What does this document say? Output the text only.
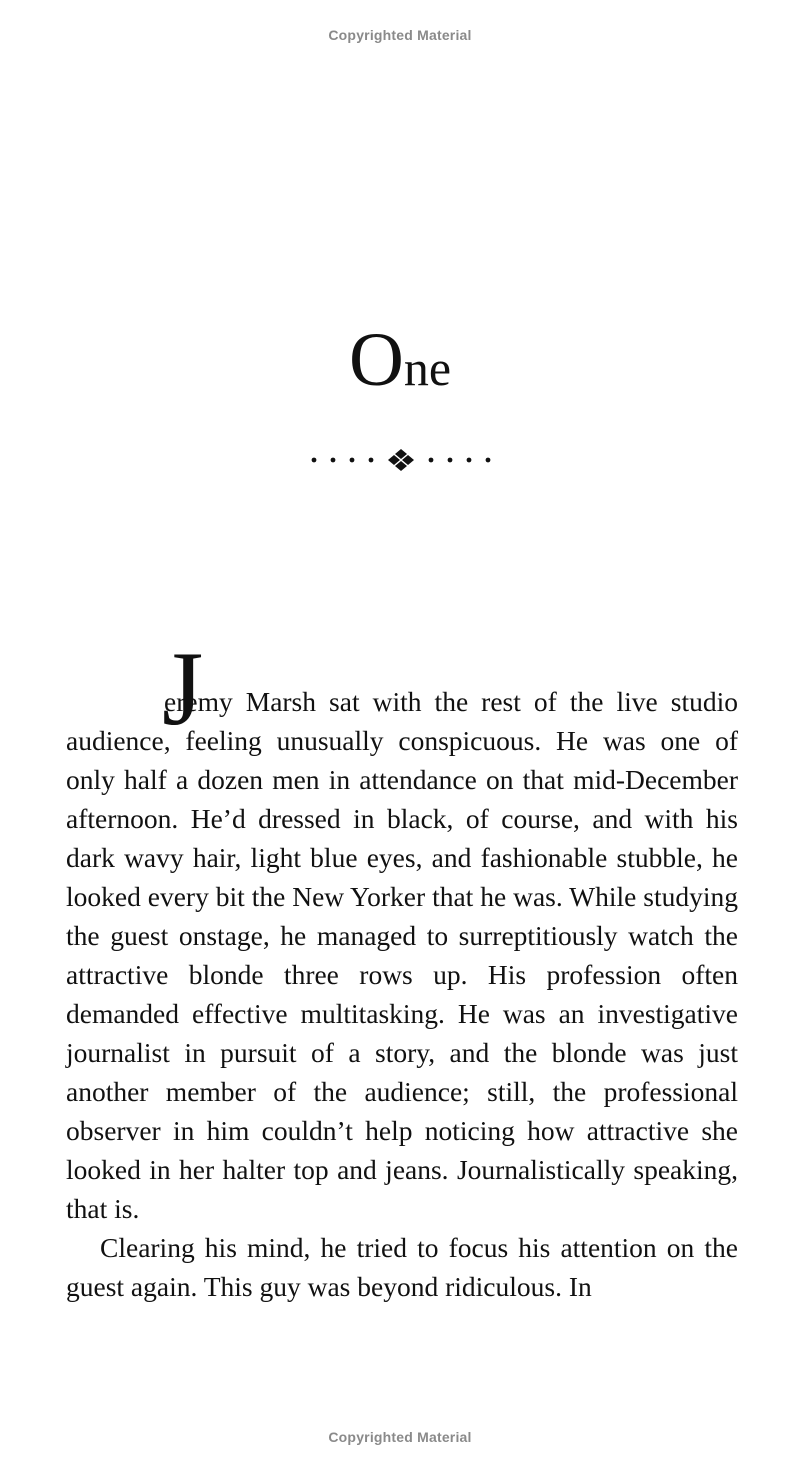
Copyrighted Material
One
J

eremy Marsh sat with the rest of the live studio audience, feeling unusually conspicuous. He was one of only half a dozen men in attendance on that mid-December afternoon. He’d dressed in black, of course, and with his dark wavy hair, light blue eyes, and fashionable stubble, he looked every bit the New Yorker that he was. While studying the guest onstage, he managed to surreptitiously watch the attractive blonde three rows up. His profession often demanded effective multitasking. He was an investigative journalist in pursuit of a story, and the blonde was just another member of the audience; still, the professional observer in him couldn’t help noticing how attractive she looked in her halter top and jeans. Journalistically speaking, that is.

Clearing his mind, he tried to focus his attention on the guest again. This guy was beyond ridiculous. In

Copyrighted Material
